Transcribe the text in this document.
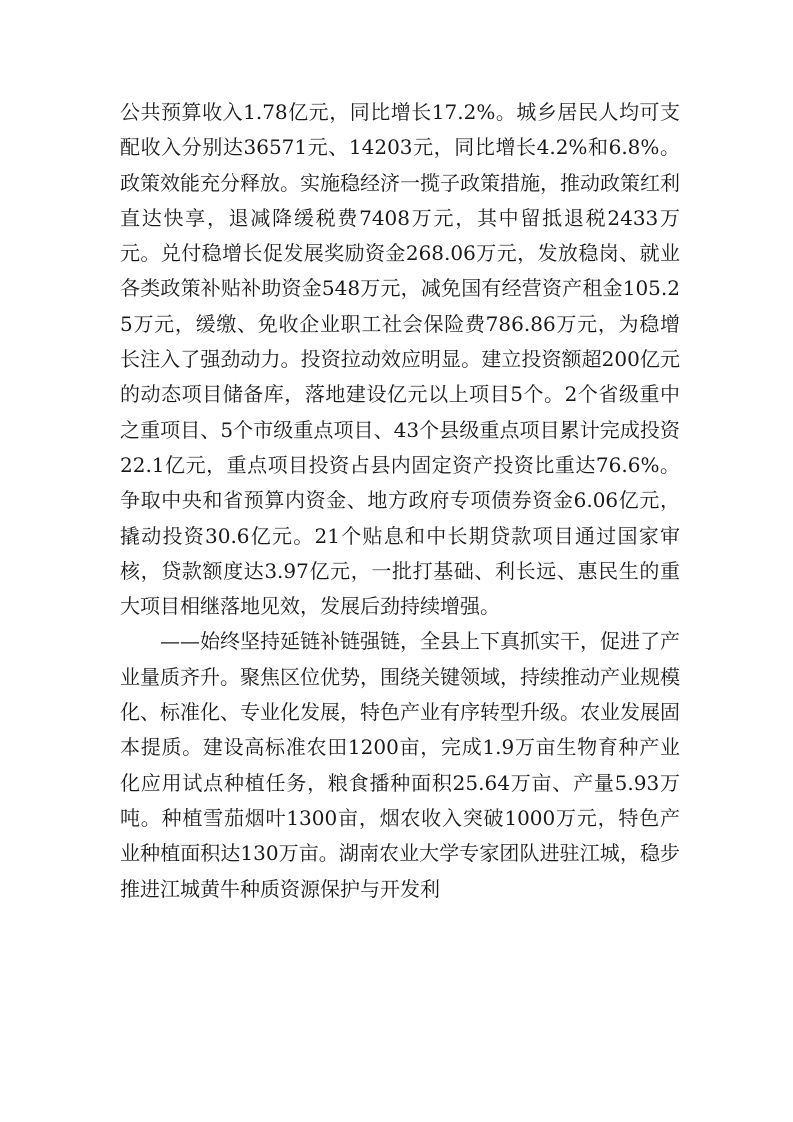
公共预算收入1.78亿元，同比增长17.2%。城乡居民人均可支配收入分别达36571元、14203元，同比增长4.2%和6.8%。政策效能充分释放。实施稳经济一揽子政策措施，推动政策红利直达快享，退减降缓税费7408万元，其中留抵退税2433万元。兑付稳增长促发展奖励资金268.06万元，发放稳岗、就业各类政策补贴补助资金548万元，减免国有经营资产租金105.25万元，缓缴、免收企业职工社会保险费786.86万元，为稳增长注入了强劲动力。投资拉动效应明显。建立投资额超200亿元的动态项目储备库，落地建设亿元以上项目5个。2个省级重中之重项目、5个市级重点项目、43个县级重点项目累计完成投资22.1亿元，重点项目投资占县内固定资产投资比重达76.6%。争取中央和省预算内资金、地方政府专项债券资金6.06亿元，撬动投资30.6亿元。21个贴息和中长期贷款项目通过国家审核，贷款额度达3.97亿元，一批打基础、利长远、惠民生的重大项目相继落地见效，发展后劲持续增强。

——始终坚持延链补链强链，全县上下真抓实干，促进了产业量质齐升。聚焦区位优势，围绕关键领域，持续推动产业规模化、标准化、专业化发展，特色产业有序转型升级。农业发展固本提质。建设高标准农田1200亩，完成1.9万亩生物育种产业化应用试点种植任务，粮食播种面积25.64万亩、产量5.93万吨。种植雪茄烟叶1300亩，烟农收入突破1000万元，特色产业种植面积达130万亩。湖南农业大学专家团队进驻江城，稳步推进江城黄牛种质资源保护与开发利
